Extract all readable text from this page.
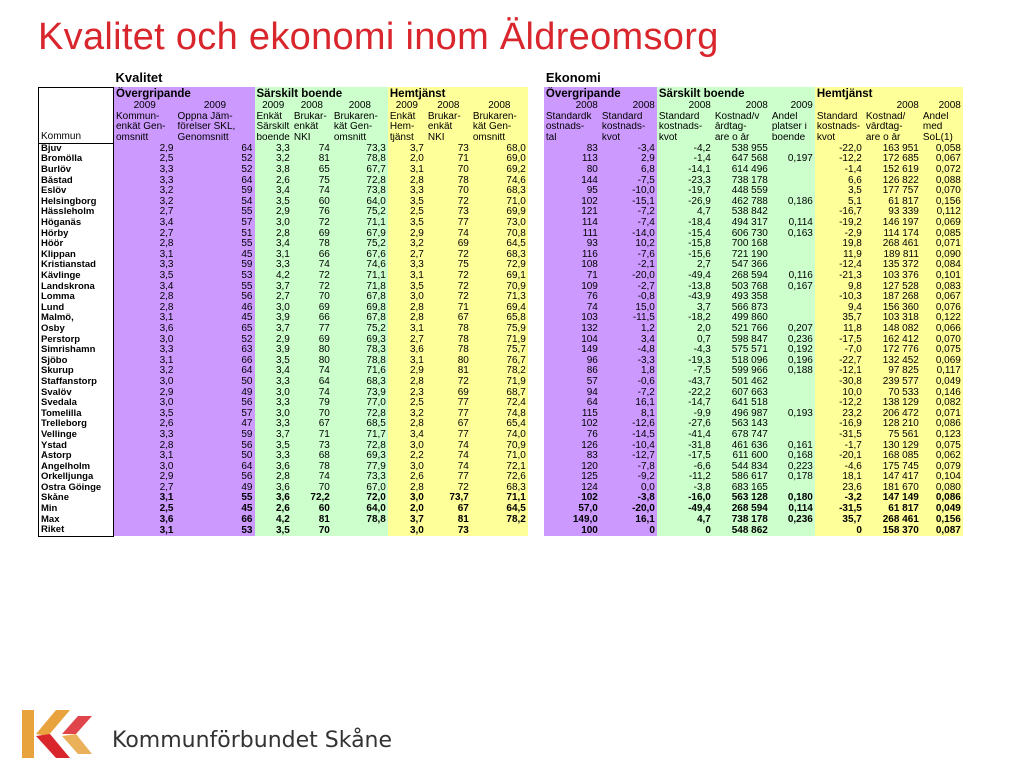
Kvalitet och ekonomi inom Äldreomsorg
	Kvalitet									Ekonomi							
Kommun	Övergripande		Särskilt boende			Hemtjänst				Övergripande		Särskilt boende			Hemtjänst		
	2009	2009	2009	2008	2008	2009	2008	2008		2008	2008	2008	2008	2009		2008	2008
	Kommun-	Öppna Jäm-	Enkät	Brukar-	Brukaren-	Enkät	Brukar-	Brukaren-		Standardk	Standard	Standard	Kostnad/v	Andel	Standard	Kostnad/	Andel
	enkät Gen-	förelser SKL,	Särskilt	enkät	kät Gen-	Hem-	enkät	kät Gen-		ostnads-	kostnads-	kostnads-	årdtag-	platser i	kostnads-	vårdtag-	med
	omsnitt	Genomsnitt	boende	NKI	omsnitt	tjänst	NKI	omsnitt		tal	kvot	kvot	are o år	boende	kvot	are o år	SoL(1)
Bjuv	2,9	64	3,3	74	73,3	3,7	73	68,0		83	-3,4	-4,2	538 955		-22,0	163 951	0,058
Bromölla	2,5	52	3,2	81	78,8	2,0	71	69,0		113	2,9	-1,4	647 568	0,197	-12,2	172 685	0,067
Burlöv	3,3	52	3,8	65	67,7	3,1	70	69,2		80	6,8	-14,1	614 496		-1,4	152 619	0,072
Båstad	3,3	64	2,6	75	72,8	2,8	78	74,6		144	-7,5	-23,3	738 178		6,6	126 822	0,088
Eslöv	3,2	59	3,4	74	73,8	3,3	70	68,3		95	-10,0	-19,7	448 559		3,5	177 757	0,070
Helsingborg	3,2	54	3,5	60	64,0	3,5	72	71,0		102	-15,1	-26,9	462 788	0,186	5,1	61 817	0,156
Hässleholm	2,7	55	2,9	76	75,2	2,5	73	69,9		121	-7,2	4,7	538 842		-16,7	93 339	0,112
Höganäs	3,4	57	3,0	72	71,1	3,5	77	73,0		114	-7,4	-18,4	494 317	0,114	-19,2	146 197	0,069
Hörby	2,7	51	2,8	69	67,9	2,9	74	70,8		111	-14,0	-15,4	606 730	0,163	-2,9	114 174	0,085
Höör	2,8	55	3,4	78	75,2	3,2	69	64,5		93	10,2	-15,8	700 168		19,8	268 461	0,071
Klippan	3,1	45	3,1	66	67,6	2,7	72	68,3		116	-7,6	-15,6	721 190		11,9	189 811	0,090
Kristianstad	3,3	59	3,3	74	74,6	3,3	75	72,9		108	-2,1	2,7	547 366		-12,4	135 372	0,084
Kävlinge	3,5	53	4,2	72	71,1	3,1	72	69,1		71	-20,0	-49,4	268 594	0,116	-21,3	103 376	0,101
Landskrona	3,4	55	3,7	72	71,8	3,5	72	70,9		109	-2,7	-13,8	503 768	0,167	9,8	127 528	0,083
Lomma	2,8	56	2,7	70	67,8	3,0	72	71,3		76	-0,8	-43,9	493 358		-10,3	187 268	0,067
Lund	2,8	46	3,0	69	69,8	2,8	71	69,4		74	15,0	3,7	566 873		9,4	156 360	0,076
Malmö,	3,1	45	3,9	66	67,8	2,8	67	65,8		103	-11,5	-18,2	499 860		35,7	103 318	0,122
Osby	3,6	65	3,7	77	75,2	3,1	78	75,9		132	1,2	2,0	521 766	0,207	11,8	148 082	0,066
Perstorp	3,0	52	2,9	69	69,3	2,7	78	71,9		104	3,4	0,7	598 847	0,236	-17,5	162 412	0,070
Simrishamn	3,3	63	3,9	80	78,3	3,6	78	75,7		149	-4,8	-4,3	575 571	0,192	-7,0	172 776	0,075
Sjöbo	3,1	66	3,5	80	78,8	3,1	80	76,7		96	-3,3	-19,3	518 096	0,196	-22,7	132 452	0,069
Skurup	3,2	64	3,4	74	71,6	2,9	81	78,2		86	1,8	-7,5	599 966	0,188	-12,1	97 825	0,117
Staffanstorp	3,0	50	3,3	64	68,3	2,8	72	71,9		57	-0,6	-43,7	501 462		-30,8	239 577	0,049
Svalöv	2,9	49	3,0	74	73,9	2,3	69	68,7		94	-7,2	-22,2	607 663		10,0	70 533	0,146
Svedala	3,0	56	3,3	79	77,0	2,5	77	72,4		64	16,1	-14,7	641 518		-12,2	138 129	0,082
Tomelilla	3,5	57	3,0	70	72,8	3,2	77	74,8		115	8,1	-9,9	496 987	0,193	23,2	206 472	0,071
Trelleborg	2,6	47	3,3	67	68,5	2,8	67	65,4		102	-12,6	-27,6	563 143		-16,9	128 210	0,086
Vellinge	3,3	59	3,7	71	71,7	3,4	77	74,0		76	-14,5	-41,4	678 747		-31,5	75 561	0,123
Ystad	2,8	56	3,5	73	72,8	3,0	74	70,9		126	-10,4	-31,8	461 636	0,161	-1,7	130 129	0,075
Åstorp	3,1	50	3,3	68	69,3	2,2	74	71,0		83	-12,7	-17,5	611 600	0,168	-20,1	168 085	0,062
Ängelholm	3,0	64	3,6	78	77,9	3,0	74	72,1		120	-7,8	-6,6	544 834	0,223	-4,6	175 745	0,079
Örkelljunga	2,9	56	2,8	74	73,3	2,6	77	72,6		125	-9,2	-11,2	586 617	0,178	18,1	147 417	0,104
Östra Göinge	2,7	49	3,6	70	67,0	2,8	72	68,3		124	0,0	-3,8	683 165		23,6	181 670	0,080
Skåne	3,1	55	3,6	72,2	72,0	3,0	73,7	71,1		102	-3,8	-16,0	563 128	0,180	-3,2	147 149	0,086
Min	2,5	45	2,6	60	64,0	2,0	67	64,5		57,0	-20,0	-49,4	268 594	0,114	-31,5	61 817	0,049
Max	3,6	66	4,2	81	78,8	3,7	81	78,2		149,0	16,1	4,7	738 178	0,236	35,7	268 461	0,156
Riket	3,1	53	3,5	70		3,0	73			100	0	0	548 862		0	158 370	0,087
Kommunförbundet Skåne
